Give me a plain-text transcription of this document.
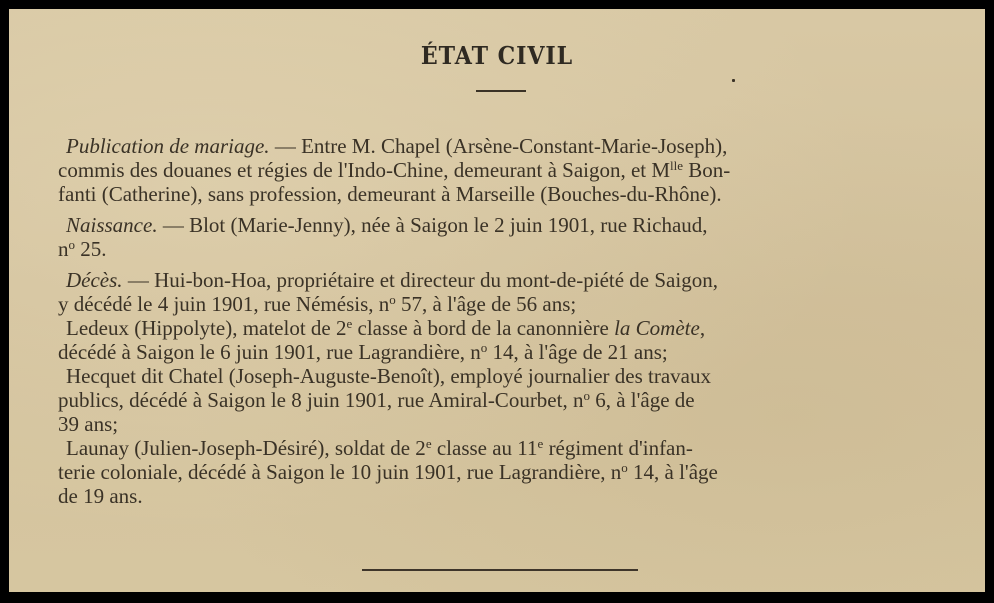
ÉTAT CIVIL

Publication de mariage. — Entre M. Chapel (Arsène-Constant-Marie-Joseph),
commis des douanes et régies de l'Indo-Chine, demeurant à Saigon, et $M^{lle}$ Bon-
fanti (Catherine), sans profession, demeurant à Marseille (Bouches-du-Rhône).

Naissance. — Blot (Marie-Jenny), née à Saigon le 2 juin 1901, rue Richaud,
$n^o$ 25.

Décès. — Hui-bon-Hoa, propriétaire et directeur du mont-de-piété de Saigon,
y décédé le 4 juin 1901, rue Némésis, $n^o$ 57, à l'âge de 56 ans;

Ledeux (Hippolyte), matelot de 2e classe à bord de la canonnière la Comète,
décédé à Saigon le 6 juin 1901, rue Lagrandière, $n^o$ 14, à l'âge de 21 ans;

Hecquet dit Chatel (Joseph-Auguste-Benoît), employé journalier des travaux
publics, décédé à Saigon le 8 juin 1901, rue Amiral-Courbet, $n^o$ 6, à l'âge de
39 ans;

Launay (Julien-Joseph-Désiré), soldat de 2e classe au 11e régiment d'infan-
terie coloniale, décédé à Saigon le 10 juin 1901, rue Lagrandière, $n^o$ 14, à l'âge
de 19 ans.
